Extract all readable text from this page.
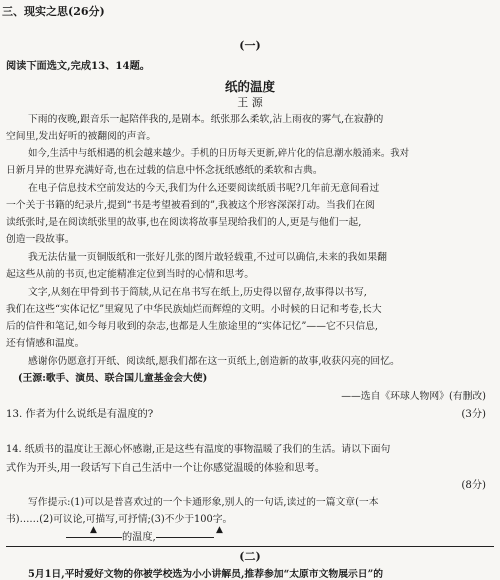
三、现实之思(26分)
(一)
阅读下面选文,完成13、14题。
纸的温度
王 源
下雨的夜晚,跟音乐一起陪伴我的,是剧本。纸张那么柔软,沾上雨夜的雾气,在寂静的
空间里,发出好听的被翻阅的声音。
如今,生活中与纸相遇的机会越来越少。手机的日历每天更新,碎片化的信息潮水般涌来。我对
日新月异的世界充满好奇,也在过载的信息中怀念抚纸感纸的柔软和古典。
在电子信息技术空前发达的今天,我们为什么还要阅读纸质书呢?几年前无意间看过
一个关于书籍的纪录片,提到“书是考望被看到的”,我被这个形容深深打动。当我们在阅
读纸张时,是在阅读纸张里的故事,也在阅读将故事呈现给我们的人,更是与他们一起,
创造一段故事。
我无法估量一页铜版纸和一张好儿张的图片敢轻载重,不过可以确信,未来的我如果翻
起这些从前的书页,也定能精准定位到当时的心情和思考。
文字,从刻在甲骨到书于简牍,从记在帛书写在纸上,历史得以留存,故事得以书写,
我们在这些“实体记忆”里窥见了中华民族灿烂而辉煌的文明。小时候的日记和考卷,长大
后的信件和笔记,如今每月收到的杂志,也都是人生旅途里的“实体记忆”——它不只信息,
还有情感和温度。
感谢你仍愿意打开纸、阅读纸,愿我们都在这一页纸上,创造新的故事,收获闪亮的回忆。
(王源:歌手、演员、联合国儿童基金会大使)
——选自《环球人物网》(有删改)
13. 作者为什么说纸是有温度的?	(3分)
14. 纸质书的温度让王源心怀感谢,正是这些有温度的事物温暖了我们的生活。请以下面句
式作为开头,用一段话写下自己生活中一个让你感觉温暖的体验和思考。
(8分)
写作提示:(1)可以是普喜欢过的一个卡通形象,别人的一句话,读过的一篇文章(一本
书)……(2)可议论,可描写,可抒情;(3)不少于100字。
▲
的温度,
▲
(二)
5月1日,平时爱好文物的你被学校选为小小讲解员,推荐参加“太原市文物展示日”的
